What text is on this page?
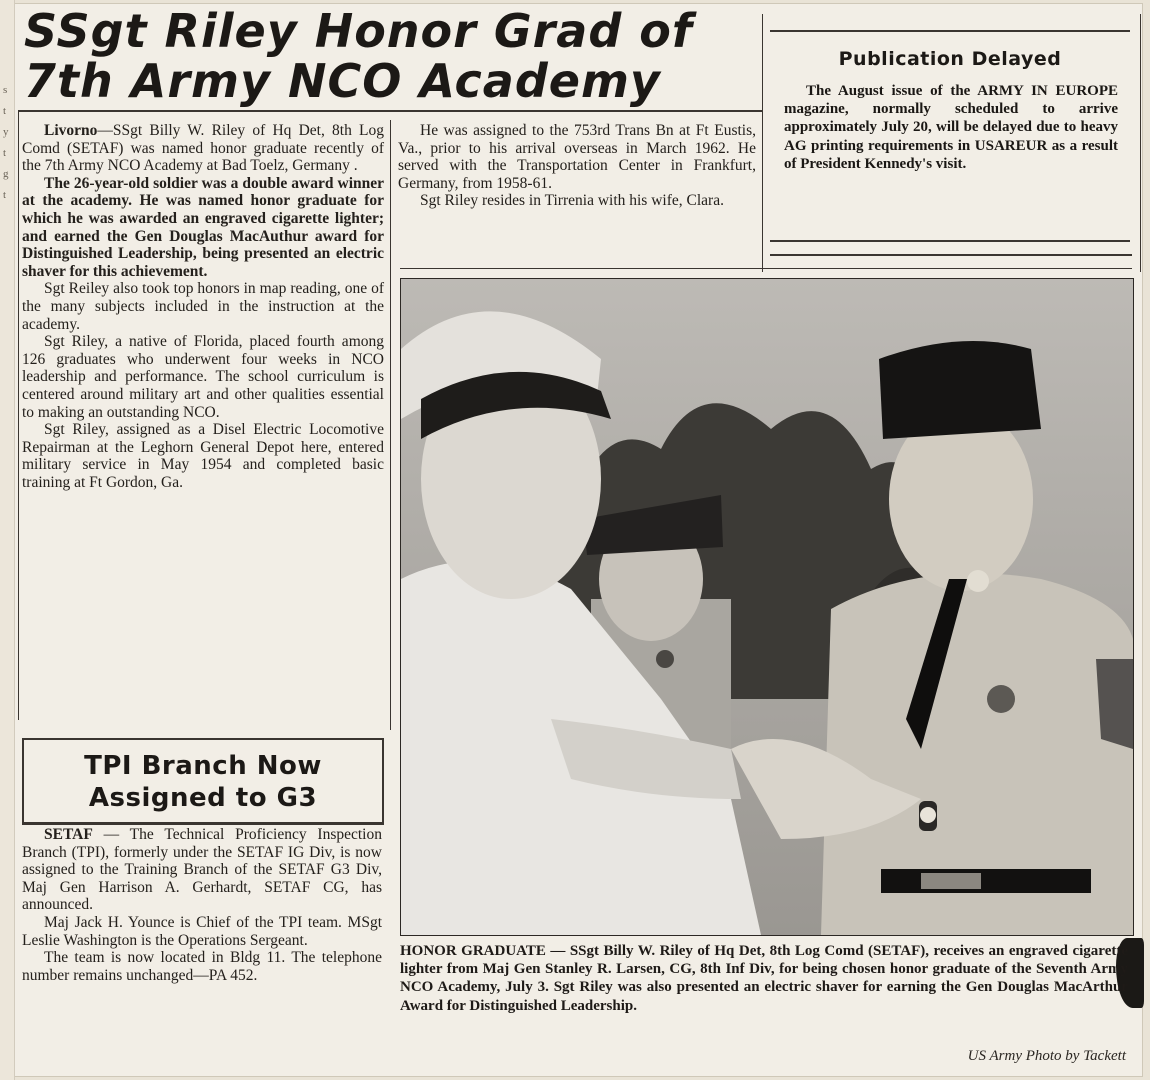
s
t
y
t
g
t
SSgt Riley Honor Grad of
7th Army NCO Academy

Livorno—SSgt Billy W. Riley of Hq Det, 8th Log Comd (SETAF) was named honor graduate recently of the 7th Army NCO Academy at Bad Toelz, Germany .

The 26-year-old soldier was a double award winner at the academy. He was named honor graduate for which he was awarded an engraved cigarette lighter; and earned the Gen Douglas MacAuthur award for Distinguished Leadership, being presented an electric shaver for this achievement.

Sgt Reiley also took top honors in map reading, one of the many subjects included in the instruction at the academy.

Sgt Riley, a native of Florida, placed fourth among 126 graduates who underwent four weeks in NCO leadership and performance. The school curriculum is centered around military art and other qualities essential to making an outstanding NCO.

Sgt Riley, assigned as a Disel Electric Locomotive Repairman at the Leghorn General Depot here, entered military service in May 1954 and completed basic training at Ft Gordon, Ga.

He was assigned to the 753rd Trans Bn at Ft Eustis, Va., prior to his arrival overseas in March 1962. He served with the Transportation Center in Frankfurt, Germany, from 1958-61.

Sgt Riley resides in Tirrenia with his wife, Clara.

Publication Delayed
The August issue of the ARMY IN EUROPE magazine, normally scheduled to arrive approximately July 20, will be delayed due to heavy AG printing requirements in USAREUR as a result of President Kennedy's visit.
TPI Branch Now
Assigned to G3

SETAF — The Technical Proficiency Inspection Branch (TPI), formerly under the SETAF IG Div, is now assigned to the Training Branch of the SETAF G3 Div, Maj Gen Harrison A. Gerhardt, SETAF CG, has announced.

Maj Jack H. Younce is Chief of the TPI team. MSgt Leslie Washington is the Operations Sergeant.

The team is now located in Bldg 11. The telephone number remains unchanged—PA 452.

HONOR GRADUATE — SSgt Billy W. Riley of Hq Det, 8th Log Comd (SETAF), receives an engraved cigarette lighter from Maj Gen Stanley R. Larsen, CG, 8th Inf Div, for being chosen honor graduate of the Seventh Army NCO Academy, July 3. Sgt Riley was also presented an electric shaver for earning the Gen Douglas MacArthur Award for Distinguished Leadership.
US Army Photo by Tackett
